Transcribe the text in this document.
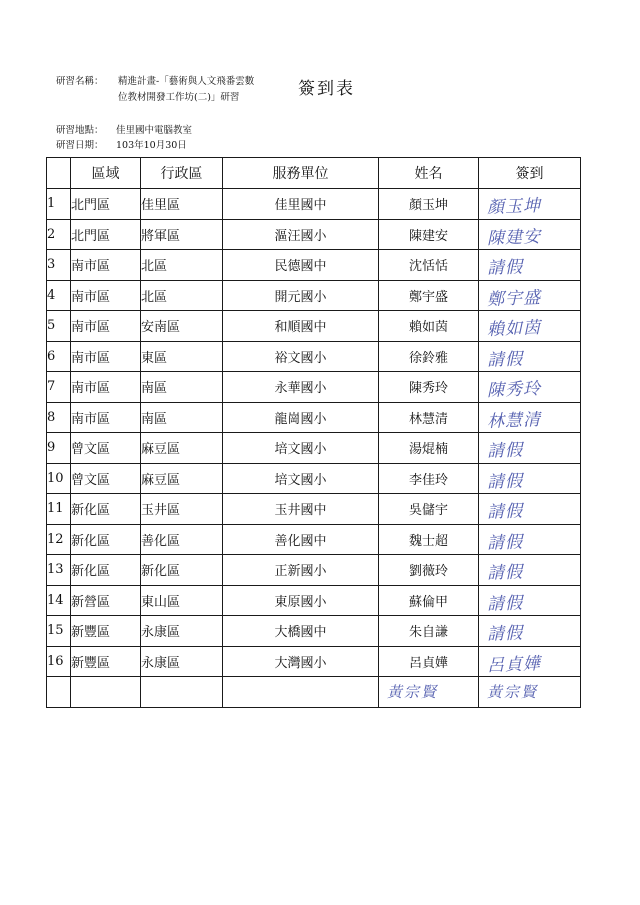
研習名稱：	精進計畫-「藝術與人文飛番雲數
位教材開發工作坊(二)」研習	簽到表
研習地點：	佳里國中電腦教室
研習日期：	103年10月30日
	區域	行政區	服務單位	姓名	簽到
1	北門區	佳里區	佳里國中	顏玉坤	顏玉坤

2	北門區	將軍區	漚汪國小	陳建安	陳建安

3	南市區	北區	民德國中	沈恬恬	請假

4	南市區	北區	開元國小	鄭宇盛	鄭宇盛

5	南市區	安南區	和順國中	賴如茵	賴如茵

6	南市區	東區	裕文國小	徐鈴雅	請假

7	南市區	南區	永華國小	陳秀玲	陳秀玲

8	南市區	南區	龍崗國小	林慧清	林慧清

9	曾文區	麻豆區	培文國小	湯焜楠	請假

10	曾文區	麻豆區	培文國小	李佳玲	請假

11	新化區	玉井區	玉井國中	吳儲宇	請假

12	新化區	善化區	善化國中	魏士超	請假

13	新化區	新化區	正新國小	劉薇玲	請假

14	新營區	東山區	東原國小	蘇倫甲	請假

15	新豐區	永康區	大橋國中	朱自謙	請假

16	新豐區	永康區	大灣國小	呂貞嬅	呂貞嬅

				黃宗賢	黃宗賢
